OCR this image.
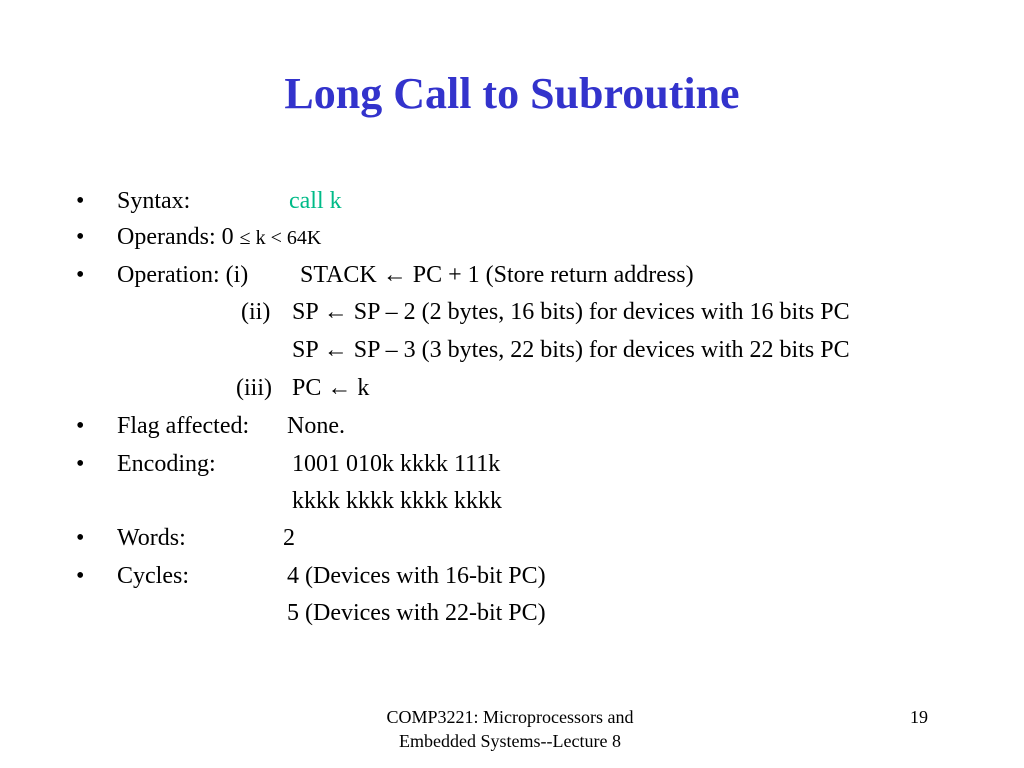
Long Call to Subroutine
• Syntax:	call k
• Operands: 0 ≤ k < 64K
• Operation: (i) STACK ← PC + 1 (Store return address)
(ii) SP ← SP – 2 (2 bytes, 16 bits) for devices with 16 bits PC
SP ← SP – 3 (3 bytes, 22 bits) for devices with 22 bits PC
(iii) PC ← k
• Flag affected: None.
• Encoding:	1001 010k kkkk 111k
kkkk kkkk kkkk kkkk
• Words:	2
• Cycles:	4 (Devices with 16-bit PC)
5 (Devices with 22-bit PC)
COMP3221: Microprocessors and
Embedded Systems--Lecture 8
19
